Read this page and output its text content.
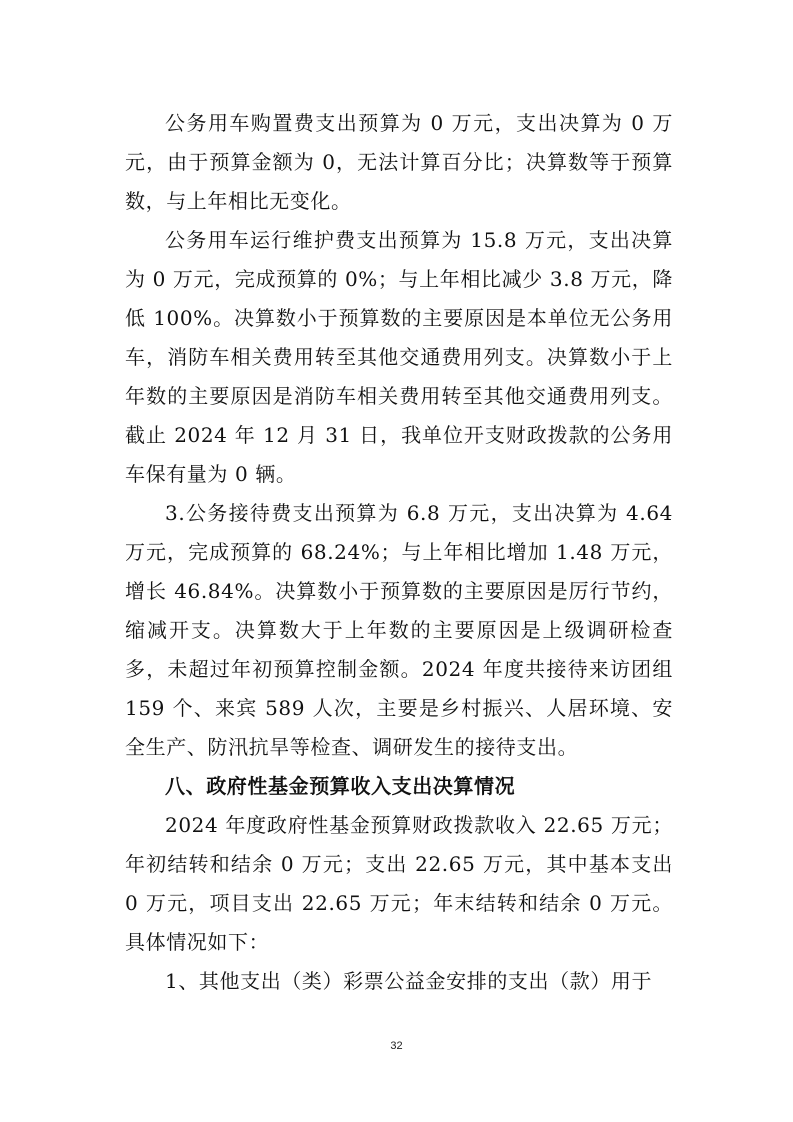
公务用车购置费支出预算为 0 万元，支出决算为 0 万元，由于预算金额为 0，无法计算百分比；决算数等于预算数，与上年相比无变化。

公务用车运行维护费支出预算为 15.8 万元，支出决算为 0 万元，完成预算的 0%；与上年相比减少 3.8 万元，降低 100%。决算数小于预算数的主要原因是本单位无公务用车，消防车相关费用转至其他交通费用列支。决算数小于上年数的主要原因是消防车相关费用转至其他交通费用列支。截止 2024 年 12 月 31 日，我单位开支财政拨款的公务用车保有量为 0 辆。

3.公务接待费支出预算为 6.8 万元，支出决算为 4.64 万元，完成预算的 68.24%；与上年相比增加 1.48 万元，增长 46.84%。决算数小于预算数的主要原因是厉行节约，缩减开支。决算数大于上年数的主要原因是上级调研检查多，未超过年初预算控制金额。2024 年度共接待来访团组 159 个、来宾 589 人次，主要是乡村振兴、人居环境、安全生产、防汛抗旱等检查、调研发生的接待支出。

八、政府性基金预算收入支出决算情况

2024 年度政府性基金预算财政拨款收入 22.65 万元；年初结转和结余 0 万元；支出 22.65 万元，其中基本支出 0 万元，项目支出 22.65 万元；年末结转和结余 0 万元。具体情况如下：

1、其他支出（类）彩票公益金安排的支出（款）用于

32
